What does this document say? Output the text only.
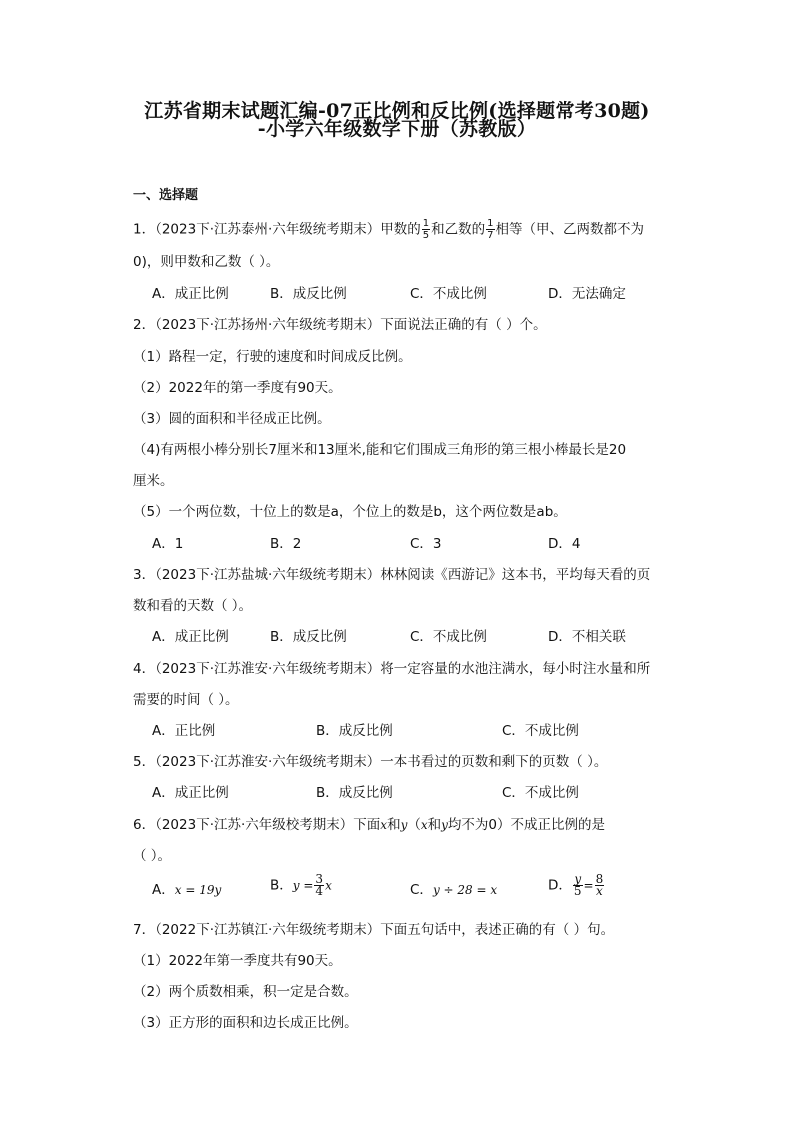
江苏省期末试题汇编-07正比例和反比例(选择题常考30题)
-小学六年级数学下册（苏教版）
一、选择题
1．（2023下·江苏泰州·六年级统考期末）甲数的 $\frac{1}{5}$ 和乙数的 $\frac{1}{7}$ 相等（甲、乙两数都不为
0)，则甲数和乙数（ ）。
A．成正比例	B．成反比例	C．不成比例	D．无法确定
2．（2023下·江苏扬州·六年级统考期末）下面说法正确的有（ ）个。
（1）路程一定，行驶的速度和时间成反比例。
（2）2022年的第一季度有90天。
（3）圆的面积和半径成正比例。
（4)有两根小棒分别长7厘米和13厘米,能和它们围成三角形的第三根小棒最长是20
厘米。
（5）一个两位数，十位上的数是a，个位上的数是b，这个两位数是ab。
A．1	B．2	C．3	D．4
3．（2023下·江苏盐城·六年级统考期末）林林阅读《西游记》这本书，平均每天看的页
数和看的天数（ ）。
A．成正比例	B．成反比例	C．不成比例	D．不相关联
4．（2023下·江苏淮安·六年级统考期末）将一定容量的水池注满水，每小时注水量和所
需要的时间（ ）。
A．正比例	B．成反比例	C．不成比例
5．（2023下·江苏淮安·六年级统考期末）一本书看过的页数和剩下的页数（ ）。
A．成正比例	B．成反比例	C．不成比例
6．（2023下·江苏·六年级校考期末）下面x和y（x和y均不为0）不成正比例的是
（ ）。
A．x = 19y	B．$y = \frac{3}{4}$ x	C．y ÷ 28 = x	D． $\frac{y}{5} = \frac{8}{x}$
7．（2022下·江苏镇江·六年级统考期末）下面五句话中，表述正确的有（ ）句。
（1）2022年第一季度共有90天。
（2）两个质数相乘，积一定是合数。
（3）正方形的面积和边长成正比例。
